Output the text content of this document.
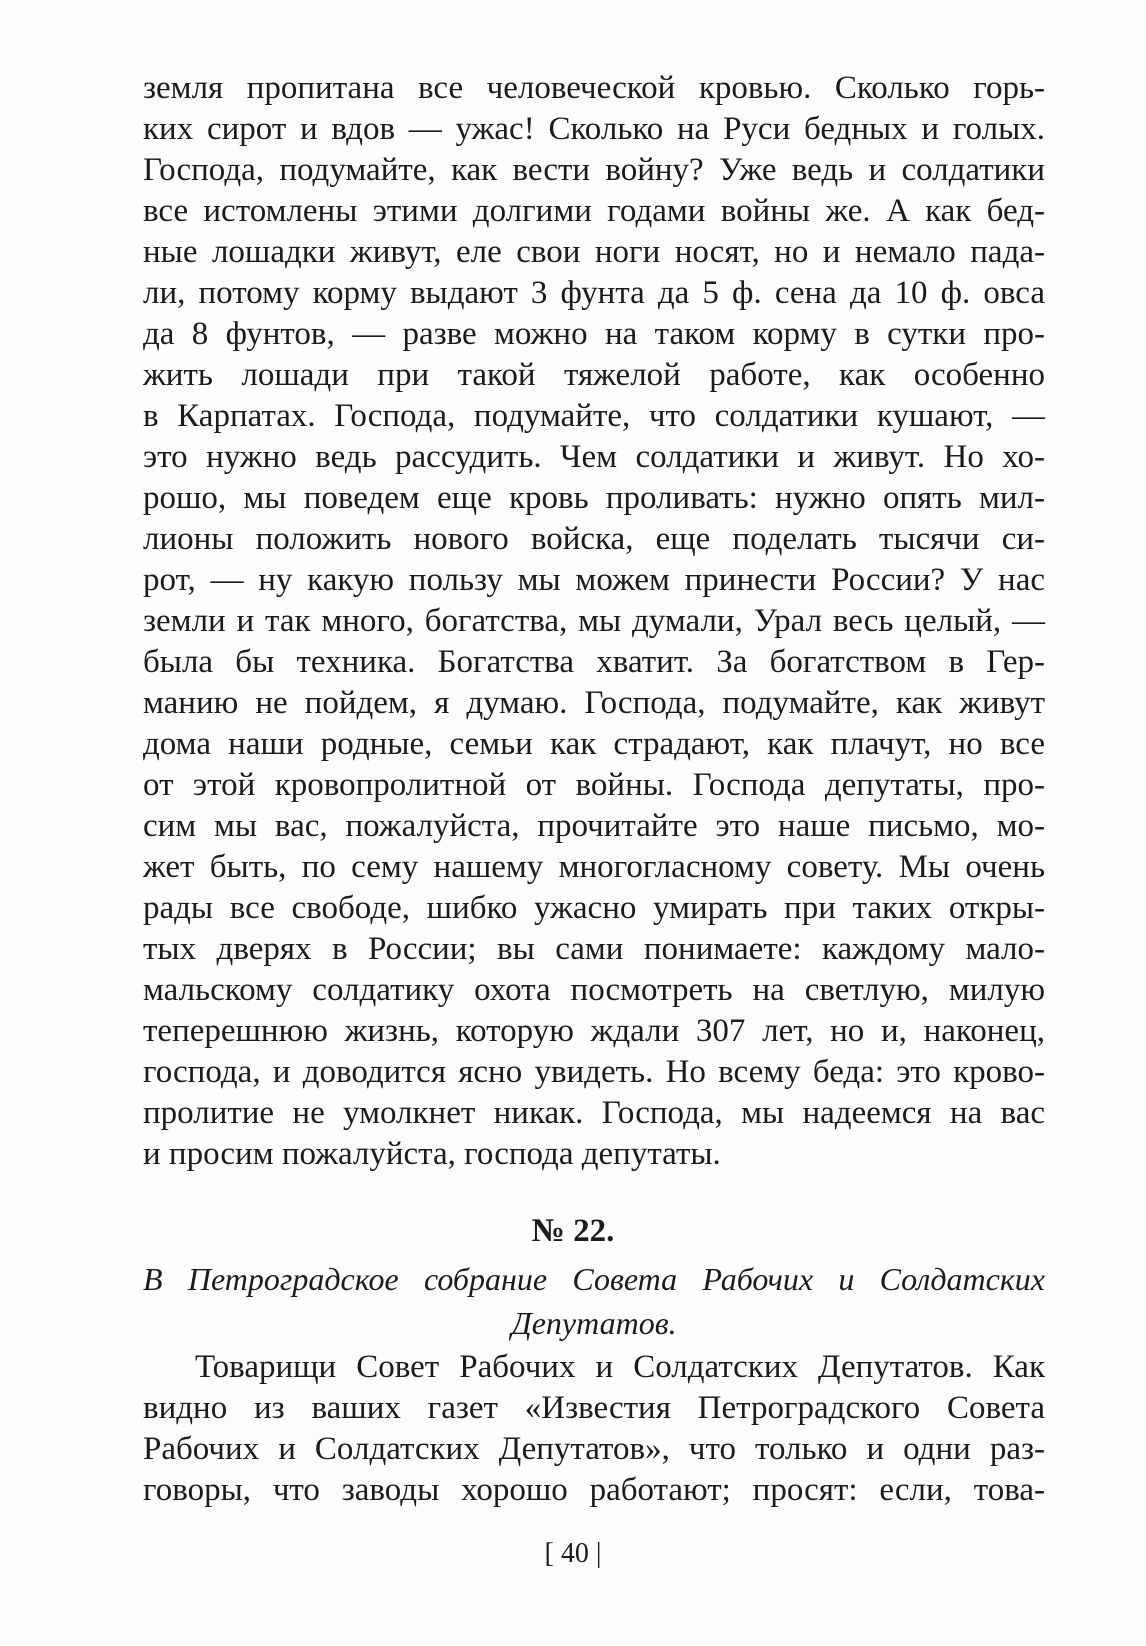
земля пропитана все человеческой кровью. Сколько горь-
ких сирот и вдов — ужас! Сколько на Руси бедных и голых.
Господа, подумайте, как вести войну? Уже ведь и солдатики
все истомлены этими долгими годами войны же. А как бед-
ные лошадки живут, еле свои ноги носят, но и немало пада-
ли, потому корму выдают 3 фунта да 5 ф. сена да 10 ф. овса
да 8 фунтов, — разве можно на таком корму в сутки про-
жить лошади при такой тяжелой работе, как особенно
в Карпатах. Господа, подумайте, что солдатики кушают, —
это нужно ведь рассудить. Чем солдатики и живут. Но хо-
рошо, мы поведем еще кровь проливать: нужно опять мил-
лионы положить нового войска, еще поделать тысячи си-
рот, — ну какую пользу мы можем принести России? У нас
земли и так много, богатства, мы думали, Урал весь целый, —
была бы техника. Богатства хватит. За богатством в Гер-
манию не пойдем, я думаю. Господа, подумайте, как живут
дома наши родные, семьи как страдают, как плачут, но все
от этой кровопролитной от войны. Господа депутаты, про-
сим мы вас, пожалуйста, прочитайте это наше письмо, мо-
жет быть, по сему нашему многогласному совету. Мы очень
рады все свободе, шибко ужасно умирать при таких откры-
тых дверях в России; вы сами понимаете: каждому мало-
мальскому солдатику охота посмотреть на светлую, милую
теперешнюю жизнь, которую ждали 307 лет, но и, наконец,
господа, и доводится ясно увидеть. Но всему беда: это крово-
пролитие не умолкнет никак. Господа, мы надеемся на вас
и просим пожалуйста, господа депутаты.
№ 22.
В Петроградское собрание Совета Рабочих и Солдатских
Депутатов.
Товарищи Совет Рабочих и Солдатских Депутатов. Как
видно из ваших газет «Известия Петроградского Совета
Рабочих и Солдатских Депутатов», что только и одни раз-
говоры, что заводы хорошо работают; просят: если, това-
[ 40 |
